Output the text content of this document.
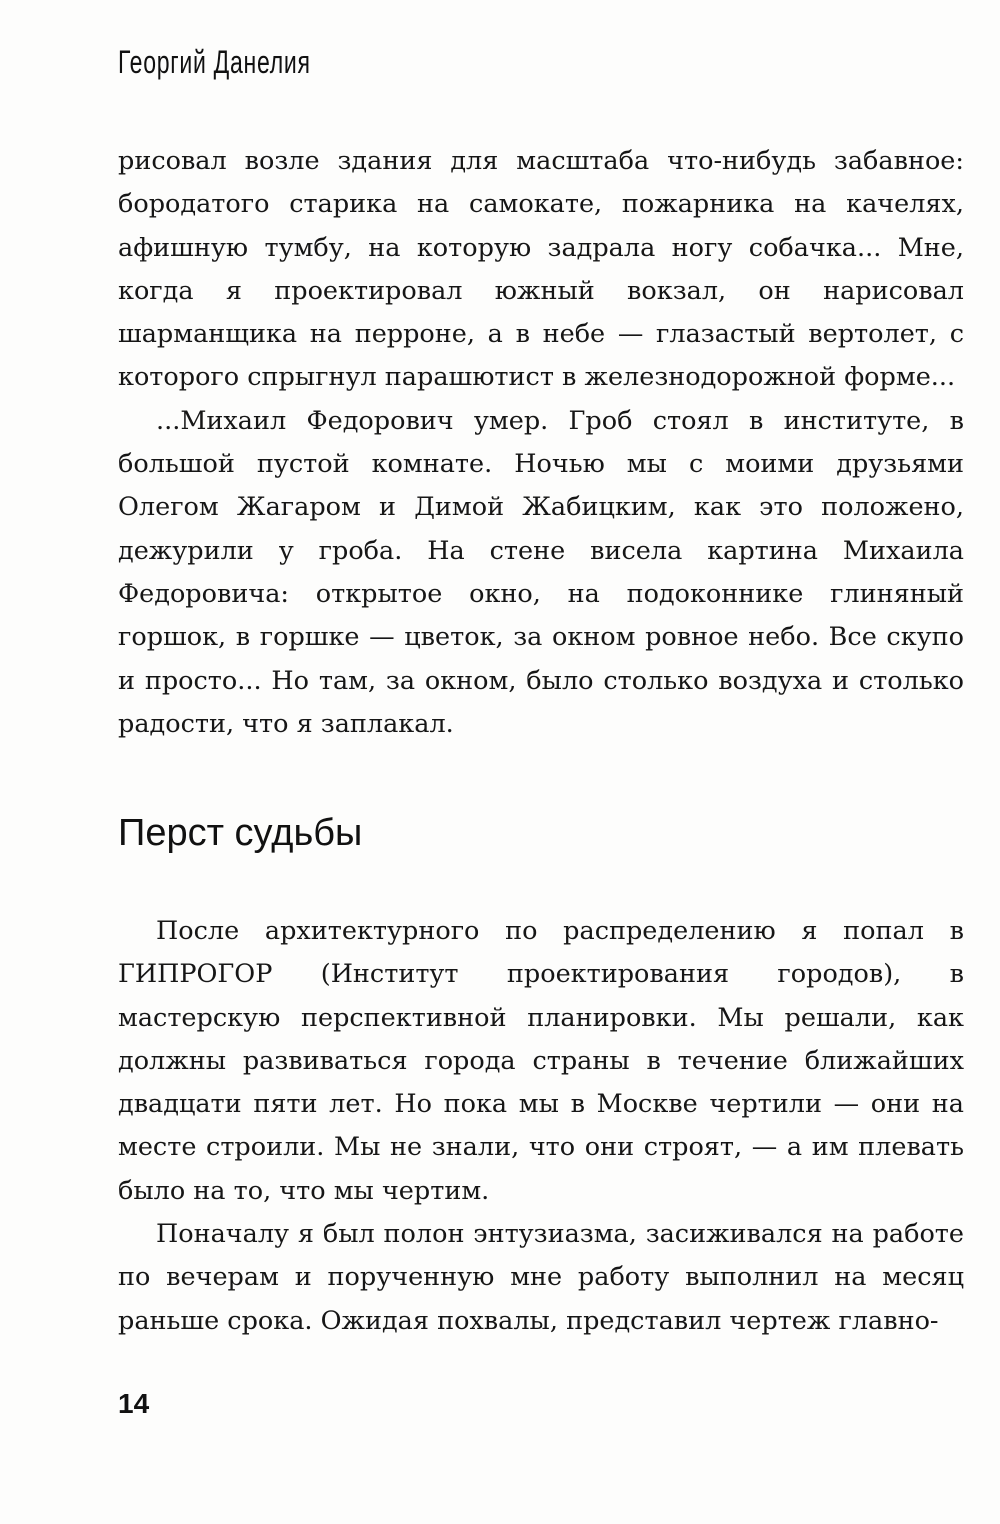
Георгий Данелия

рисовал возле здания для масштаба что-нибудь забавное: бородатого старика на самокате, пожарника на качелях, афишную тумбу, на которую задрала ногу собачка... Мне, когда я проектировал южный вокзал, он нарисовал шарманщика на перроне, а в небе — глазастый вертолет, с которого спрыгнул парашютист в железнодорожной форме...

...Михаил Федорович умер. Гроб стоял в институте, в большой пустой комнате. Ночью мы с моими друзьями Олегом Жагаром и Димой Жабицким, как это положено, дежурили у гроба. На стене висела картина Михаила Федоровича: открытое окно, на подоконнике глиняный горшок, в горшке — цветок, за окном ровное небо. Все скупо и просто... Но там, за окном, было столько воздуха и столько радости, что я заплакал.

Перст судьбы

После архитектурного по распределению я попал в ГИПРОГОР (Институт проектирования городов), в мастерскую перспективной планировки. Мы решали, как должны развиваться города страны в течение ближайших двадцати пяти лет. Но пока мы в Москве чертили — они на месте строили. Мы не знали, что они строят, — а им плевать было на то, что мы чертим.

Поначалу я был полон энтузиазма, засиживался на работе по вечерам и порученную мне работу выполнил на месяц раньше срока. Ожидая похвалы, представил чертеж главно-

14
